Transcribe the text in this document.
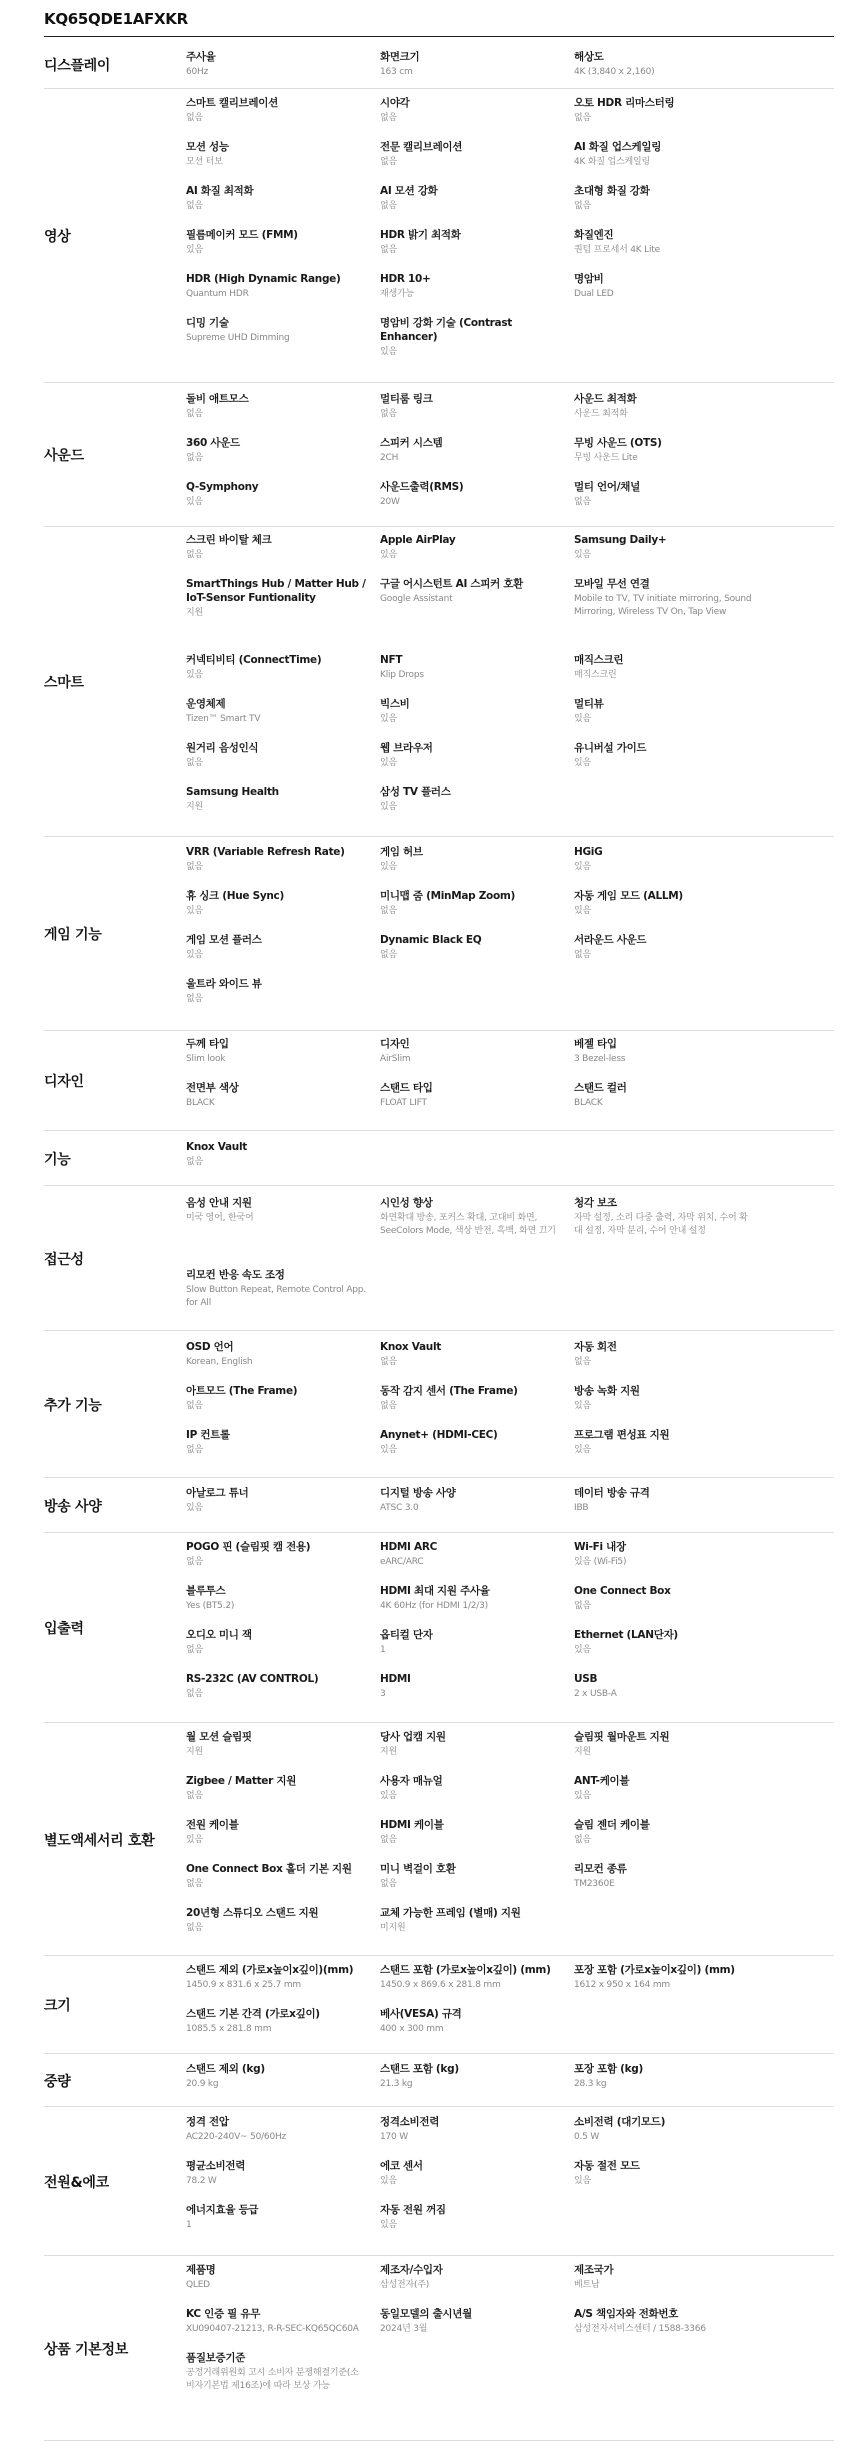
KQ65QDE1AFXKR
디스플레이
주사율
60Hz
화면크기
163 cm
해상도
4K (3,840 x 2,160)
영상
스마트 캘리브레이션
없음
시야각
없음
오토 HDR 리마스터링
없음
모션 성능
모션 터보
전문 캘리브레이션
없음
AI 화질 업스케일링
4K 화질 업스케일링
AI 화질 최적화
없음
AI 모션 강화
없음
초대형 화질 강화
없음
필름메이커 모드 (FMM)
있음
HDR 밝기 최적화
없음
화질엔진
퀀텀 프로세서 4K Lite
HDR (High Dynamic Range)
Quantum HDR
HDR 10+
재생가능
명암비
Dual LED
디밍 기술
Supreme UHD Dimming
명암비 강화 기술 (Contrast Enhancer)
있음
사운드
돌비 애트모스
없음
멀티룸 링크
없음
사운드 최적화
사운드 최적화
360 사운드
없음
스피커 시스템
2CH
무빙 사운드 (OTS)
무빙 사운드 Lite
Q-Symphony
있음
사운드출력(RMS)
20W
멀티 언어/채널
없음
스마트
스크린 바이탈 체크
없음
Apple AirPlay
있음
Samsung Daily+
있음
SmartThings Hub / Matter Hub / IoT-Sensor Funtionality
지원
구글 어시스턴트 AI 스피커 호환
Google Assistant
모바일 무선 연결
Mobile to TV, TV initiate mirroring, Sound Mirroring, Wireless TV On, Tap View
커넥티비티 (ConnectTime)
있음
NFT
Klip Drops
매직스크린
매직스크린
운영체제
Tizen™ Smart TV
빅스비
있음
멀티뷰
있음
원거리 음성인식
없음
웹 브라우저
있음
유니버설 가이드
있음
Samsung Health
지원
삼성 TV 플러스
있음
게임 기능
VRR (Variable Refresh Rate)
없음
게임 허브
있음
HGiG
있음
휴 싱크 (Hue Sync)
있음
미니맵 줌 (MinMap Zoom)
없음
자동 게임 모드 (ALLM)
있음
게임 모션 플러스
있음
Dynamic Black EQ
없음
서라운드 사운드
없음
울트라 와이드 뷰
없음
디자인
두께 타입
Slim look
디자인
AirSlim
베젤 타입
3 Bezel-less
전면부 색상
BLACK
스탠드 타입
FLOAT LIFT
스탠드 컬러
BLACK
기능
Knox Vault
없음
접근성
음성 안내 지원
미국 영어, 한국어
시인성 향상
화면확대 방송, 포커스 확대, 고대비 화면, SeeColors Mode, 색상 반전, 흑백, 화면 끄기
청각 보조
자막 설정, 소리 다중 출력, 자막 위치, 수어 확대 설정, 자막 분리, 수어 안내 설정
리모컨 반응 속도 조정
Slow Button Repeat, Remote Control App. for All
추가 기능
OSD 언어
Korean, English
Knox Vault
없음
자동 회전
없음
아트모드 (The Frame)
없음
동작 감지 센서 (The Frame)
없음
방송 녹화 지원
있음
IP 컨트롤
없음
Anynet+ (HDMI-CEC)
있음
프로그램 편성표 지원
있음
방송 사양
아날로그 튜너
있음
디지털 방송 사양
ATSC 3.0
데이터 방송 규격
IBB
입출력
POGO 핀 (슬림핏 캠 전용)
없음
HDMI ARC
eARC/ARC
Wi-Fi 내장
있음 (Wi-Fi5)
블루투스
Yes (BT5.2)
HDMI 최대 지원 주사율
4K 60Hz (for HDMI 1/2/3)
One Connect Box
없음
오디오 미니 잭
없음
옵티컬 단자
1
Ethernet (LAN단자)
있음
RS-232C (AV CONTROL)
없음
HDMI
3
USB
2 x USB-A
별도액세서리 호환
월 모션 슬림핏
지원
당사 업캠 지원
지원
슬림핏 월마운트 지원
지원
Zigbee / Matter 지원
없음
사용자 매뉴얼
있음
ANT-케이블
있음
전원 케이블
있음
HDMI 케이블
없음
슬림 젠더 케이블
없음
One Connect Box 홀더 기본 지원
없음
미니 벽걸이 호환
없음
리모컨 종류
TM2360E
20년형 스튜디오 스탠드 지원
없음
교체 가능한 프레임 (별매) 지원
미지원
크기
스탠드 제외 (가로x높이x깊이)(mm)
1450.9 x 831.6 x 25.7 mm
스탠드 포함 (가로x높이x깊이) (mm)
1450.9 x 869.6 x 281.8 mm
포장 포함 (가로x높이x깊이) (mm)
1612 x 950 x 164 mm
스탠드 기본 간격 (가로x깊이)
1085.5 x 281.8 mm
베사(VESA) 규격
400 x 300 mm
중량
스탠드 제외 (kg)
20.9 kg
스탠드 포함 (kg)
21.3 kg
포장 포함 (kg)
28.3 kg
전원&에코
정격 전압
AC220-240V~ 50/60Hz
정격소비전력
170 W
소비전력 (대기모드)
0.5 W
평균소비전력
78.2 W
에코 센서
있음
자동 절전 모드
있음
에너지효율 등급
1
자동 전원 꺼짐
있음
상품 기본정보
제품명
QLED
제조자/수입자
삼성전자(주)
제조국가
베트남
KC 인증 필 유무
XU090407-21213, R-R-SEC-KQ65QC60A
동일모델의 출시년월
2024년 3월
A/S 책임자와 전화번호
삼성전자서비스센터 / 1588-3366
품질보증기준
공정거래위원회 고시 소비자 분쟁해결기준(소비자기본법 제16조)에 따라 보상 가능
